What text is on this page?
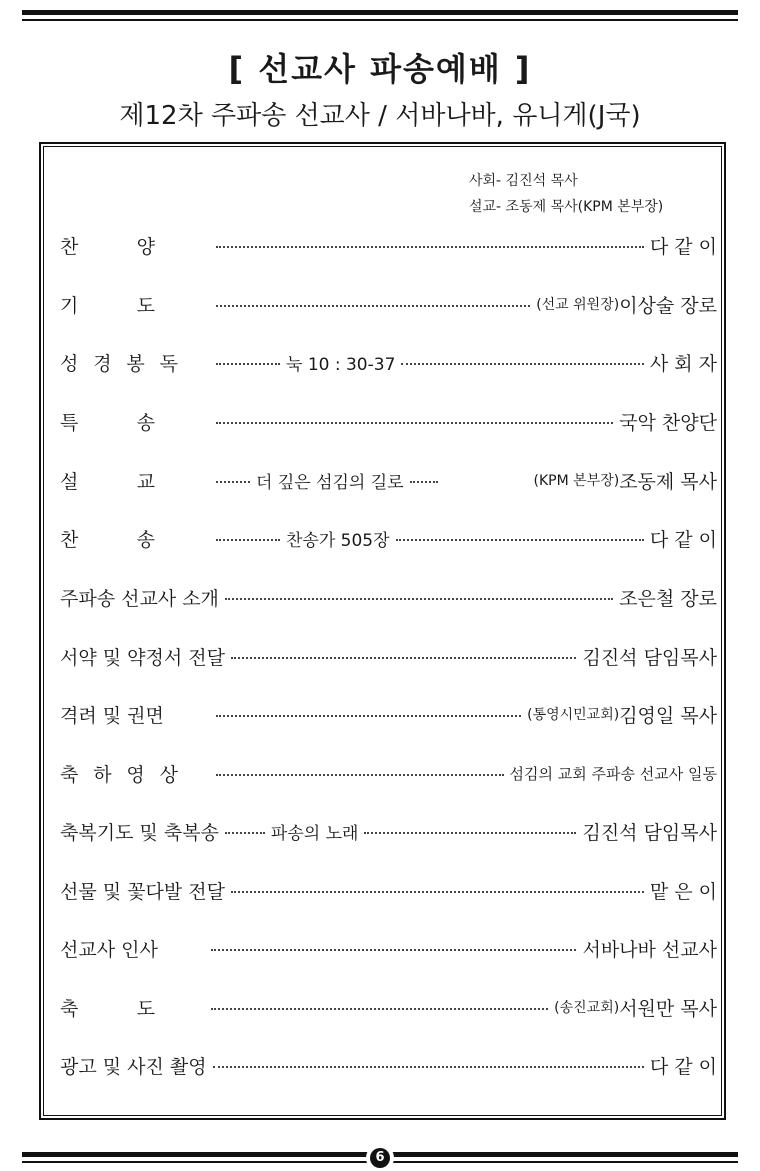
[ 선교사 파송예배 ]
제12차 주파송 선교사 / 서바나바, 유니게(J국)
사회- 김진석 목사
설교- 조동제 목사(KPM 본부장)
찬	양	다 같 이
기	도	(선교 위원장) 이상술 장로
성 경 봉 독	눅 10 : 30-37	사 회 자
특	송	국악 찬양단
설	교	더 깊은 섬김의 길로	(KPM 본부장) 조동제 목사
찬	송	찬송가 505장	다 같 이
주파송 선교사 소개	조은철 장로
서약 및 약정서 전달	김진석 담임목사
격려 및 권면	(통영시민교회) 김영일 목사
축 하 영 상	섬김의 교회 주파송 선교사 일동
축복기도 및 축복송	파송의 노래	김진석 담임목사
선물 및 꽃다발 전달	맡 은 이
선교사 인사	서바나바 선교사
축	도	(송진교회) 서원만 목사
광고 및 사진 촬영	다 같 이
6
